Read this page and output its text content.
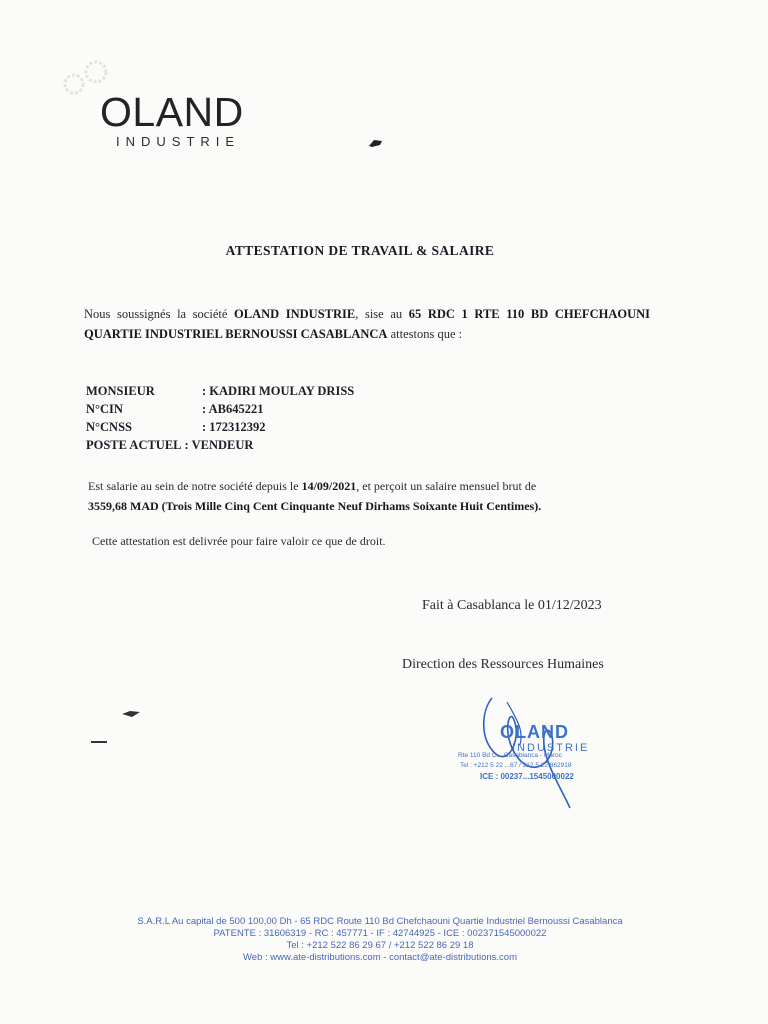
OLAND
INDUSTRIE
ATTESTATION DE TRAVAIL & SALAIRE
Nous soussignés la société OLAND INDUSTRIE, sise au 65 RDC 1 RTE 110 BD CHEFCHAOUNI QUARTIE INDUSTRIEL BERNOUSSI CASABLANCA attestons que :
MONSIEUR	: KADIRI MOULAY DRISS
N°CIN	: AB645221
N°CNSS	: 172312392
POSTE ACTUEL : VENDEUR
Est salarie au sein de notre société depuis le 14/09/2021, et perçoit un salaire mensuel brut de
3559,68 MAD (Trois Mille Cinq Cent Cinquante Neuf Dirhams Soixante Huit Centimes).
Cette attestation est delivrée pour faire valoir ce que de droit.
Fait à Casablanca le 01/12/2023
Direction des Ressources Humaines
OLAND
INDUSTRIE
Rte 110 Bd C... Casablanca - Maroc
Tel : +212 5 22 ...67 / 212 5 22 862918
ICE : 00237...1545000022
S.A.R.L Au capital de 500 100,00 Dh - 65 RDC Route 110 Bd Chefchaouni Quartie Industriel Bernoussi Casablanca
PATENTE : 31606319 - RC : 457771 - IF : 42744925 - ICE : 002371545000022
Tel : +212 522 86 29 67 / +212 522 86 29 18
Web : www.ate-distributions.com - contact@ate-distributions.com
